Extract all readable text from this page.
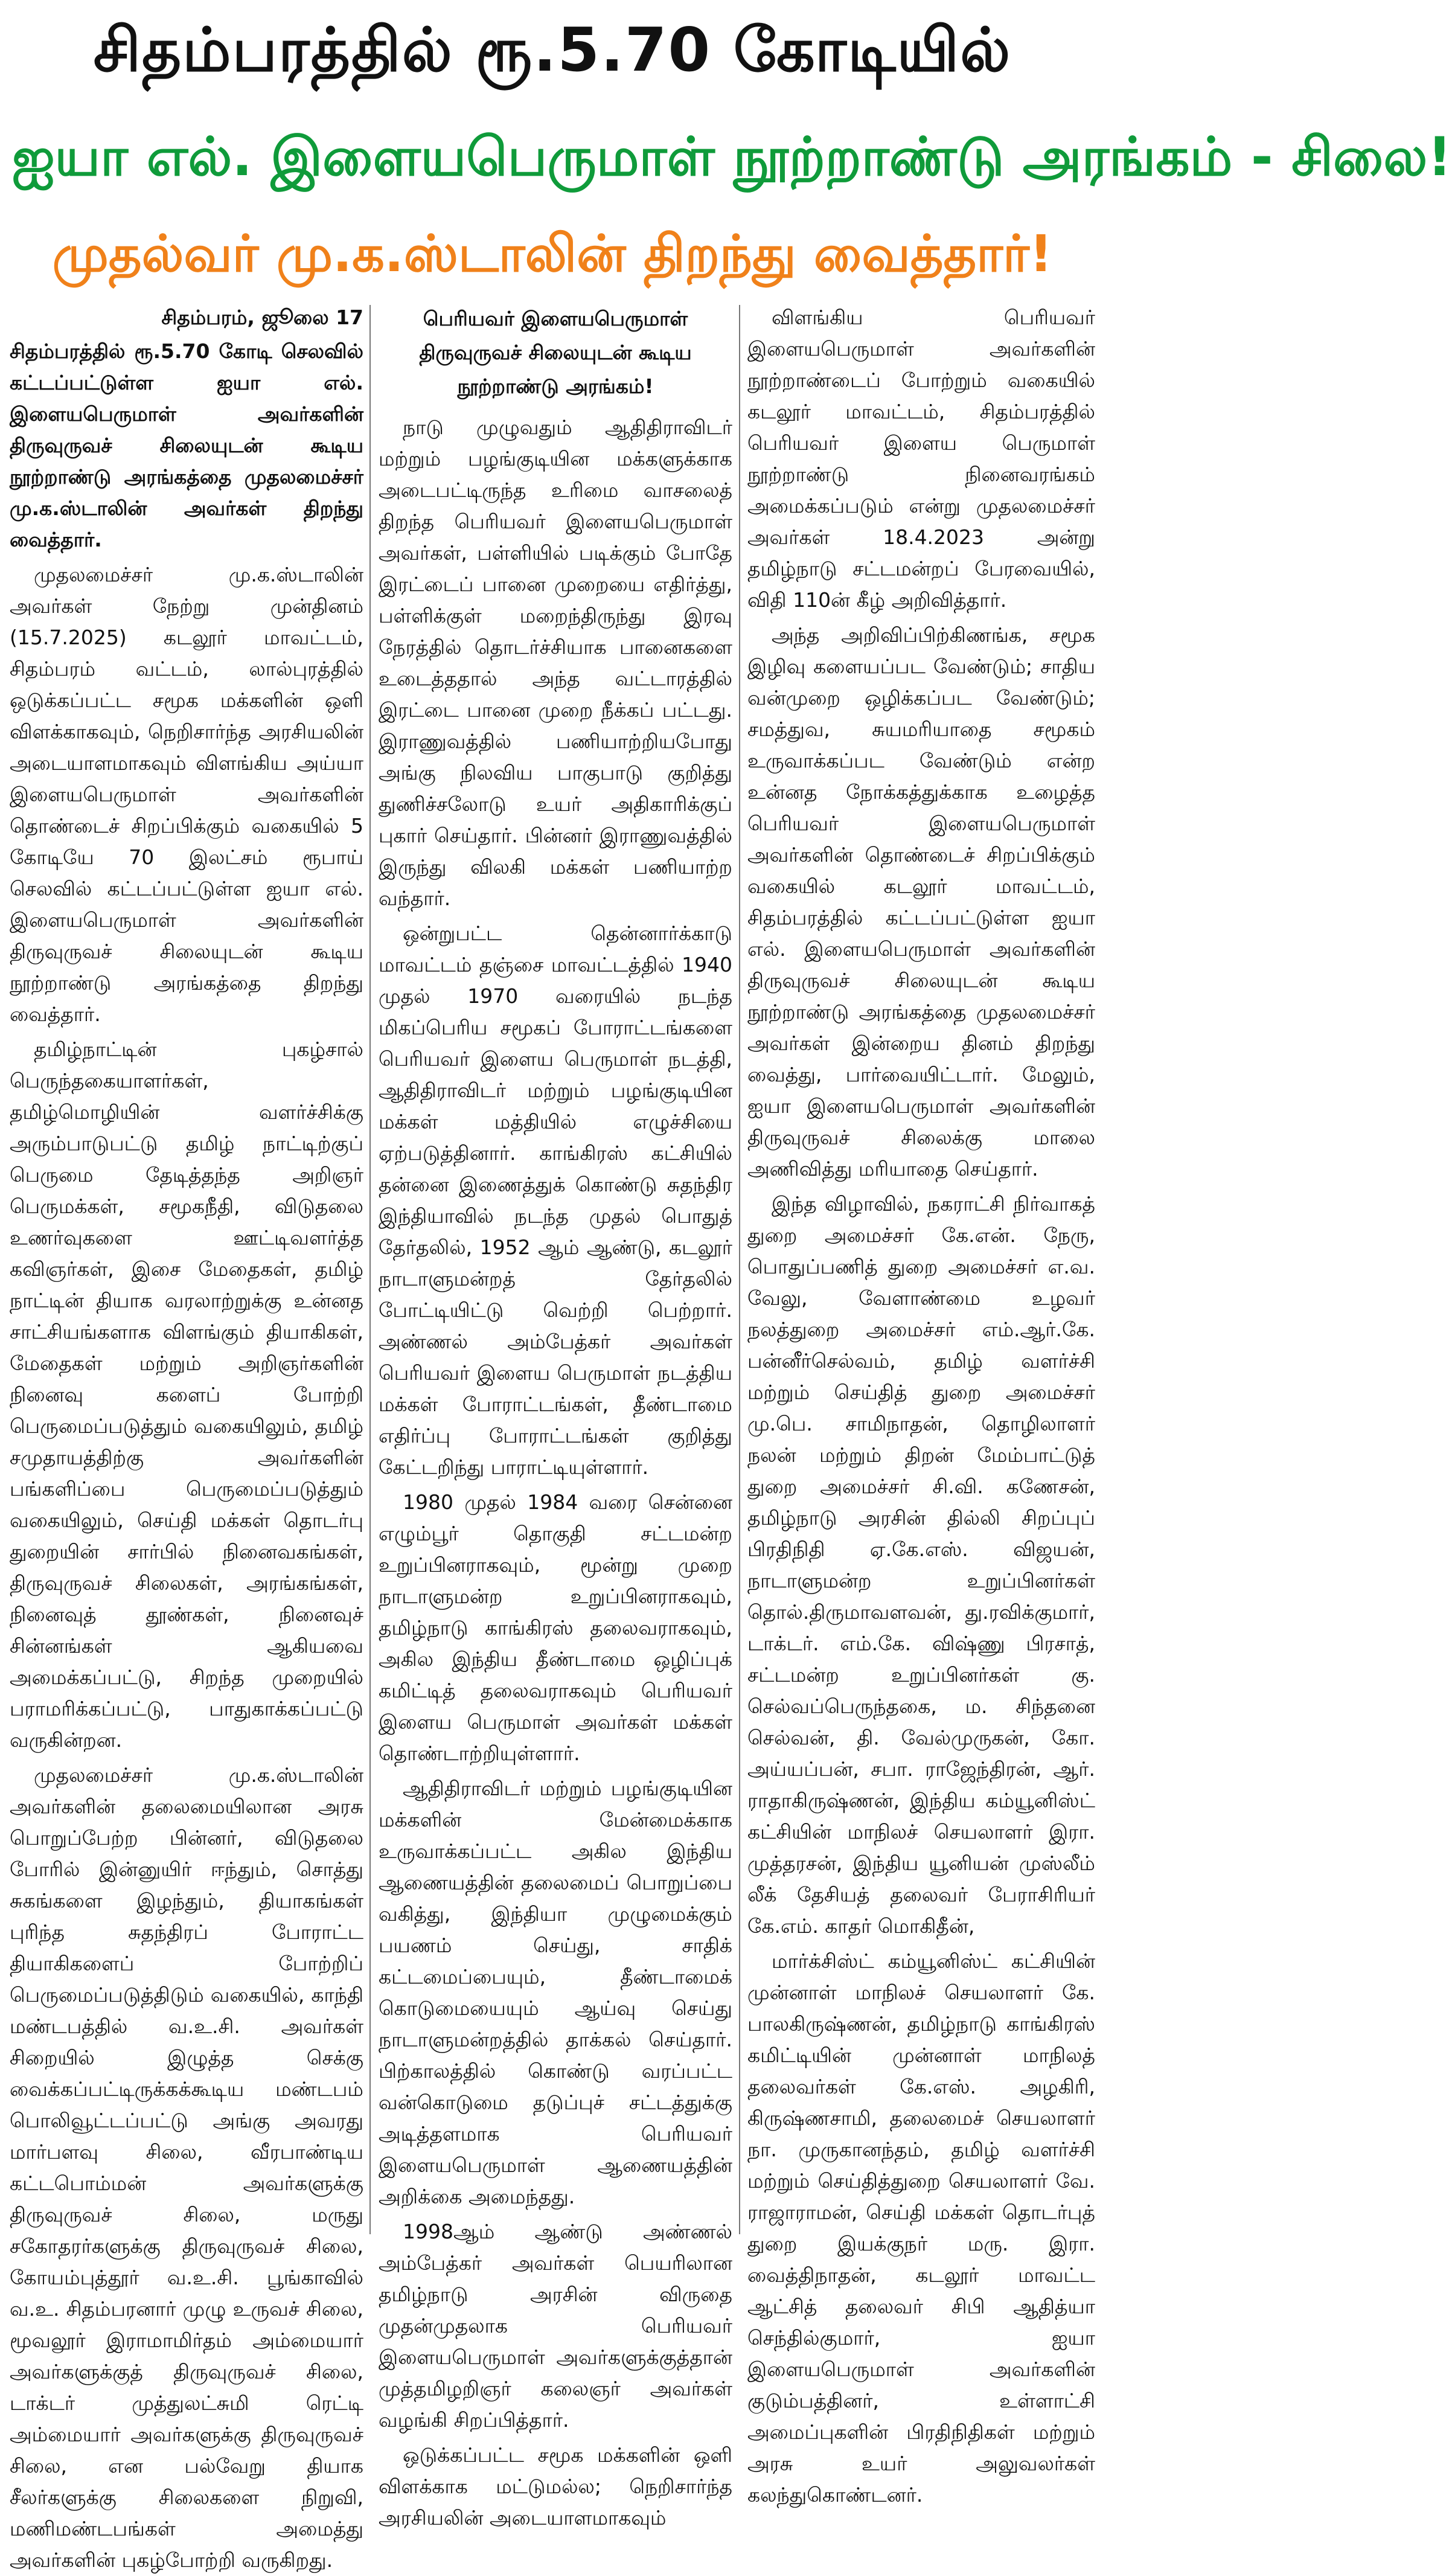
சிதம்பரத்தில் ரூ.5.70 கோடியில்
ஐயா எல். இளையபெருமாள் நூற்றாண்டு அரங்கம் - சிலை!
முதல்வர் மு.க.ஸ்டாலின் திறந்து வைத்தார்!
சிதம்பரம், ஜூலை 17

சிதம்பரத்தில் ரூ.5.70 கோடி செலவில் கட்டப்பட்டுள்ள ஐயா எல். இளையபெருமாள் அவர்களின் திருவுருவச் சிலையுடன் கூடிய நூற்றாண்டு அரங்கத்தை முதலமைச்சர் மு.க.ஸ்டாலின் அவர்கள் திறந்து வைத்தார்.

முதலமைச்சர் மு.க.ஸ்டாலின் அவர்கள் நேற்று முன்தினம் (15.7.2025) கடலூர் மாவட்டம், சிதம்பரம் வட்டம், லால்புரத்தில் ஒடுக்கப்பட்ட சமூக மக்களின் ஒளி விளக்காகவும், நெறிசார்ந்த அரசியலின் அடையாளமாகவும் விளங்கிய அய்யா இளையபெருமாள் அவர்களின் தொண்டைச் சிறப்பிக்கும் வகையில் 5 கோடியே 70 இலட்சம் ரூபாய் செலவில் கட்டப்பட்டுள்ள ஐயா எல். இளையபெருமாள் அவர்களின் திருவுருவச் சிலையுடன் கூடிய நூற்றாண்டு அரங்கத்தை திறந்து வைத்தார்.

தமிழ்நாட்டின் புகழ்சால் பெருந்தகையாளர்கள், தமிழ்மொழியின் வளர்ச்சிக்கு அரும்பாடுபட்டு தமிழ் நாட்டிற்குப் பெருமை தேடித்தந்த அறிஞர் பெருமக்கள், சமூகநீதி, விடுதலை உணர்வுகளை ஊட்டிவளர்த்த கவிஞர்கள், இசை மேதைகள், தமிழ் நாட்டின் தியாக வரலாற்றுக்கு உன்னத சாட்சியங்களாக விளங்கும் தியாகிகள், மேதைகள் மற்றும் அறிஞர்களின் நினைவு களைப் போற்றி பெருமைப்படுத்தும் வகையிலும், தமிழ் சமுதாயத்திற்கு அவர்களின் பங்களிப்பை பெருமைப்படுத்தும் வகையிலும், செய்தி மக்கள் தொடர்பு துறையின் சார்பில் நினைவகங்கள், திருவுருவச் சிலைகள், அரங்கங்கள், நினைவுத் தூண்கள், நினைவுச் சின்னங்கள் ஆகியவை அமைக்கப்பட்டு, சிறந்த முறையில் பராமரிக்கப்பட்டு, பாதுகாக்கப்பட்டு வருகின்றன.

முதலமைச்சர் மு.க.ஸ்டாலின் அவர்களின் தலைமையிலான அரசு பொறுப்பேற்ற பின்னர், விடுதலை போரில் இன்னுயிர் ஈந்தும், சொத்து சுகங்களை இழந்தும், தியாகங்கள் புரிந்த சுதந்திரப் போராட்ட தியாகிகளைப் போற்றிப் பெருமைப்படுத்திடும் வகையில், காந்தி மண்டபத்தில் வ.உ.சி. அவர்கள் சிறையில் இழுத்த செக்கு வைக்கப்பட்டிருக்கக்கூடிய மண்டபம் பொலிவூட்டப்பட்டு அங்கு அவரது மார்பளவு சிலை, வீரபாண்டிய கட்டபொம்மன் அவர்களுக்கு திருவுருவச் சிலை, மருது சகோதரர்களுக்கு திருவுருவச் சிலை, கோயம்புத்தூர் வ.உ.சி. பூங்காவில் வ.உ. சிதம்பரனார் முழு உருவச் சிலை, மூவலூர் இராமாமிர்தம் அம்மையார் அவர்களுக்குத் திருவுருவச் சிலை, டாக்டர் முத்துலட்சுமி ரெட்டி அம்மையார் அவர்களுக்கு திருவுருவச் சிலை, என பல்வேறு தியாக சீலர்களுக்கு சிலைகளை நிறுவி, மணிமண்டபங்கள் அமைத்து அவர்களின் புகழ்போற்றி வருகிறது.

பெரியவர் இளையபெருமாள் திருவுருவச் சிலையுடன் கூடிய நூற்றாண்டு அரங்கம்!

நாடு முழுவதும் ஆதிதிராவிடர் மற்றும் பழங்குடியின மக்களுக்காக அடைபட்டிருந்த உரிமை வாசலைத் திறந்த பெரியவர் இளையபெருமாள் அவர்கள், பள்ளியில் படிக்கும் போதே இரட்டைப் பானை முறையை எதிர்த்து, பள்ளிக்குள் மறைந்திருந்து இரவு நேரத்தில் தொடர்ச்சியாக பானைகளை உடைத்ததால் அந்த வட்டாரத்தில் இரட்டை பானை முறை நீக்கப் பட்டது. இராணுவத்தில் பணியாற்றியபோது அங்கு நிலவிய பாகுபாடு குறித்து துணிச்சலோடு உயர் அதிகாரிக்குப் புகார் செய்தார். பின்னர் இராணுவத்தில் இருந்து விலகி மக்கள் பணியாற்ற வந்தார்.

ஒன்றுபட்ட தென்னார்க்காடு மாவட்டம் தஞ்சை மாவட்டத்தில் 1940 முதல் 1970 வரையில் நடந்த மிகப்பெரிய சமூகப் போராட்டங்களை பெரியவர் இளைய பெருமாள் நடத்தி, ஆதிதிராவிடர் மற்றும் பழங்குடியின மக்கள் மத்தியில் எழுச்சியை ஏற்படுத்தினார். காங்கிரஸ் கட்சியில் தன்னை இணைத்துக் கொண்டு சுதந்திர இந்தியாவில் நடந்த முதல் பொதுத் தேர்தலில், 1952 ஆம் ஆண்டு, கடலூர் நாடாளுமன்றத் தேர்தலில் போட்டியிட்டு வெற்றி பெற்றார். அண்ணல் அம்பேத்கர் அவர்கள் பெரியவர் இளைய பெருமாள் நடத்திய மக்கள் போராட்டங்கள், தீண்டாமை எதிர்ப்பு போராட்டங்கள் குறித்து கேட்டறிந்து பாராட்டியுள்ளார்.

1980 முதல் 1984 வரை சென்னை எழும்பூர் தொகுதி சட்டமன்ற உறுப்பினராகவும், மூன்று முறை நாடாளுமன்ற உறுப்பினராகவும், தமிழ்நாடு காங்கிரஸ் தலைவராகவும், அகில இந்திய தீண்டாமை ஒழிப்புக் கமிட்டித் தலைவராகவும் பெரியவர் இளைய பெருமாள் அவர்கள் மக்கள் தொண்டாற்றியுள்ளார்.

ஆதிதிராவிடர் மற்றும் பழங்குடியின மக்களின் மேன்மைக்காக உருவாக்கப்பட்ட அகில இந்திய ஆணையத்தின் தலைமைப் பொறுப்பை வகித்து, இந்தியா முழுமைக்கும் பயணம் செய்து, சாதிக் கட்டமைப்பையும், தீண்டாமைக் கொடுமையையும் ஆய்வு செய்து நாடாளுமன்றத்தில் தாக்கல் செய்தார். பிற்காலத்தில் கொண்டு வரப்பட்ட வன்கொடுமை தடுப்புச் சட்டத்துக்கு அடித்தளமாக பெரியவர் இளையபெருமாள் ஆணையத்தின் அறிக்கை அமைந்தது.

1998ஆம் ஆண்டு அண்ணல் அம்பேத்கர் அவர்கள் பெயரிலான தமிழ்நாடு அரசின் விருதை முதன்முதலாக பெரியவர் இளையபெருமாள் அவர்களுக்குத்தான் முத்தமிழறிஞர் கலைஞர் அவர்கள் வழங்கி சிறப்பித்தார்.

ஒடுக்கப்பட்ட சமூக மக்களின் ஒளி விளக்காக மட்டுமல்ல; நெறிசார்ந்த அரசியலின் அடையாளமாகவும்

விளங்கிய பெரியவர் இளையபெருமாள் அவர்களின் நூற்றாண்டைப் போற்றும் வகையில் கடலூர் மாவட்டம், சிதம்பரத்தில் பெரியவர் இளைய பெருமாள் நூற்றாண்டு நினைவரங்கம் அமைக்கப்படும் என்று முதலமைச்சர் அவர்கள் 18.4.2023 அன்று தமிழ்நாடு சட்டமன்றப் பேரவையில், விதி 110ன் கீழ் அறிவித்தார்.

அந்த அறிவிப்பிற்கிணங்க, சமூக இழிவு களையப்பட வேண்டும்; சாதிய வன்முறை ஒழிக்கப்பட வேண்டும்; சமத்துவ, சுயமரியாதை சமூகம் உருவாக்கப்பட வேண்டும் என்ற உன்னத நோக்கத்துக்காக உழைத்த பெரியவர் இளையபெருமாள் அவர்களின் தொண்டைச் சிறப்பிக்கும் வகையில் கடலூர் மாவட்டம், சிதம்பரத்தில் கட்டப்பட்டுள்ள ஐயா எல். இளையபெருமாள் அவர்களின் திருவுருவச் சிலையுடன் கூடிய நூற்றாண்டு அரங்கத்தை முதலமைச்சர் அவர்கள் இன்றைய தினம் திறந்து வைத்து, பார்வையிட்டார். மேலும், ஐயா இளையபெருமாள் அவர்களின் திருவுருவச் சிலைக்கு மாலை அணிவித்து மரியாதை செய்தார்.

இந்த விழாவில், நகராட்சி நிர்வாகத் துறை அமைச்சர் கே.என். நேரு, பொதுப்பணித் துறை அமைச்சர் எ.வ. வேலு, வேளாண்மை உழவர் நலத்துறை அமைச்சர் எம்.ஆர்.கே. பன்னீர்செல்வம், தமிழ் வளர்ச்சி மற்றும் செய்தித் துறை அமைச்சர் மு.பெ. சாமிநாதன், தொழிலாளர் நலன் மற்றும் திறன் மேம்பாட்டுத் துறை அமைச்சர் சி.வி. கணேசன், தமிழ்நாடு அரசின் தில்லி சிறப்புப் பிரதிநிதி ஏ.கே.எஸ். விஜயன், நாடாளுமன்ற உறுப்பினர்கள் தொல்.திருமாவளவன், து.ரவிக்குமார், டாக்டர். எம்.கே. விஷ்ணு பிரசாத், சட்டமன்ற உறுப்பினர்கள் கு. செல்வப்பெருந்தகை, ம. சிந்தனை செல்வன், தி. வேல்முருகன், கோ. அய்யப்பன், சபா. ராஜேந்திரன், ஆர். ராதாகிருஷ்ணன், இந்திய கம்யூனிஸ்ட் கட்சியின் மாநிலச் செயலாளர் இரா. முத்தரசன், இந்திய யூனியன் முஸ்லீம் லீக் தேசியத் தலைவர் பேராசிரியர் கே.எம். காதர் மொகிதீன்,

மார்க்சிஸ்ட் கம்யூனிஸ்ட் கட்சியின் முன்னாள் மாநிலச் செயலாளர் கே. பாலகிருஷ்ணன், தமிழ்நாடு காங்கிரஸ் கமிட்டியின் முன்னாள் மாநிலத் தலைவர்கள் கே.எஸ். அழகிரி, கிருஷ்ணசாமி, தலைமைச் செயலாளர் நா. முருகானந்தம், தமிழ் வளர்ச்சி மற்றும் செய்தித்துறை செயலாளர் வே. ராஜாராமன், செய்தி மக்கள் தொடர்புத் துறை இயக்குநர் மரு. இரா. வைத்திநாதன், கடலூர் மாவட்ட ஆட்சித் தலைவர் சிபி ஆதித்யா செந்தில்குமார், ஐயா இளையபெருமாள் அவர்களின் குடும்பத்தினர், உள்ளாட்சி அமைப்புகளின் பிரதிநிதிகள் மற்றும் அரசு உயர் அலுவலர்கள் கலந்துகொண்டனர்.
